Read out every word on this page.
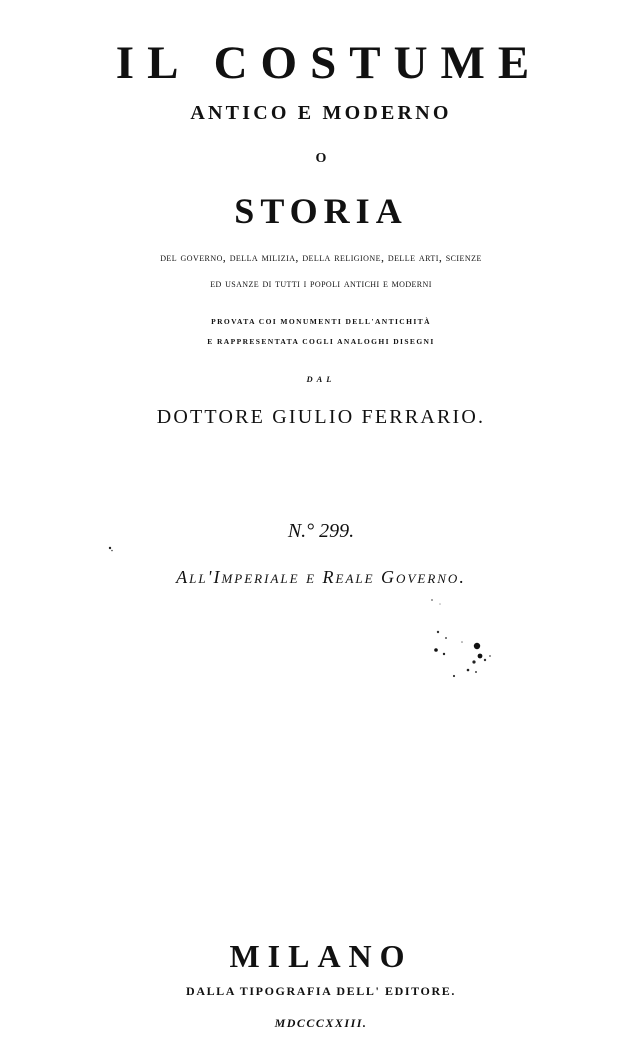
IL COSTUME
ANTICO E MODERNO
O
STORIA
del governo, della milizia, della religione, delle arti, scienze
ed usanze di tutti i popoli antichi e moderni
PROVATA COI MONUMENTI DELL'ANTICHITÀ
E RAPPRESENTATA COGLI ANALOGHI DISEGNI
DAL
DOTTORE GIULIO FERRARIO.
N.° 299.
All'Imperiale e Reale Governo.
MILANO
DALLA TIPOGRAFIA DELL' EDITORE.
MDCCCXXIII.
